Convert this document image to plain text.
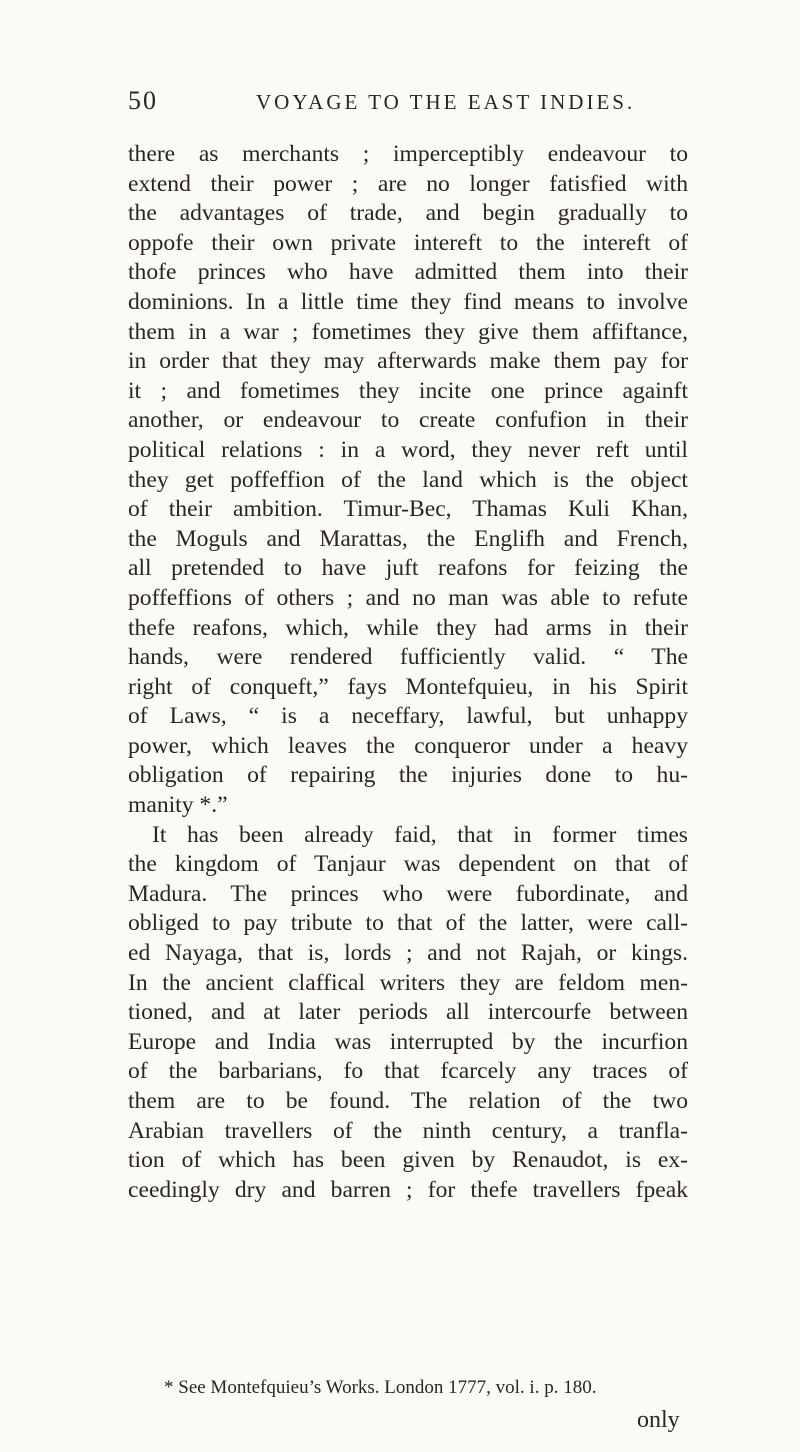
50	VOYAGE TO THE EAST INDIES.
there as merchants ; imperceptibly endeavour to
extend their power ; are no longer fatisfied with
the advantages of trade, and begin gradually to
oppofe their own private intereft to the intereft of
thofe princes who have admitted them into their
dominions. In a little time they find means to involve
them in a war ; fometimes they give them affiftance,
in order that they may afterwards make them pay for
it ; and fometimes they incite one prince againft
another, or endeavour to create confufion in their
political relations : in a word, they never reft until
they get poffeffion of the land which is the object
of their ambition. Timur-Bec, Thamas Kuli Khan,
the Moguls and Marattas, the Englifh and French,
all pretended to have juft reafons for feizing the
poffeffions of others ; and no man was able to refute
thefe reafons, which, while they had arms in their
hands, were rendered fufficiently valid. “ The
right of conqueft,” fays Montefquieu, in his Spirit
of Laws, “ is a neceffary, lawful, but unhappy
power, which leaves the conqueror under a heavy
obligation of repairing the injuries done to hu-
manity *.”
It has been already faid, that in former times
the kingdom of Tanjaur was dependent on that of
Madura. The princes who were fubordinate, and
obliged to pay tribute to that of the latter, were call-
ed Nayaga, that is, lords ; and not Rajah, or kings.
In the ancient claffical writers they are feldom men-
tioned, and at later periods all intercourfe between
Europe and India was interrupted by the incurfion
of the barbarians, fo that fcarcely any traces of
them are to be found. The relation of the two
Arabian travellers of the ninth century, a tranfla-
tion of which has been given by Renaudot, is ex-
ceedingly dry and barren ; for thefe travellers fpeak
* See Montefquieu’s Works. London 1777, vol. i. p. 180.
only
